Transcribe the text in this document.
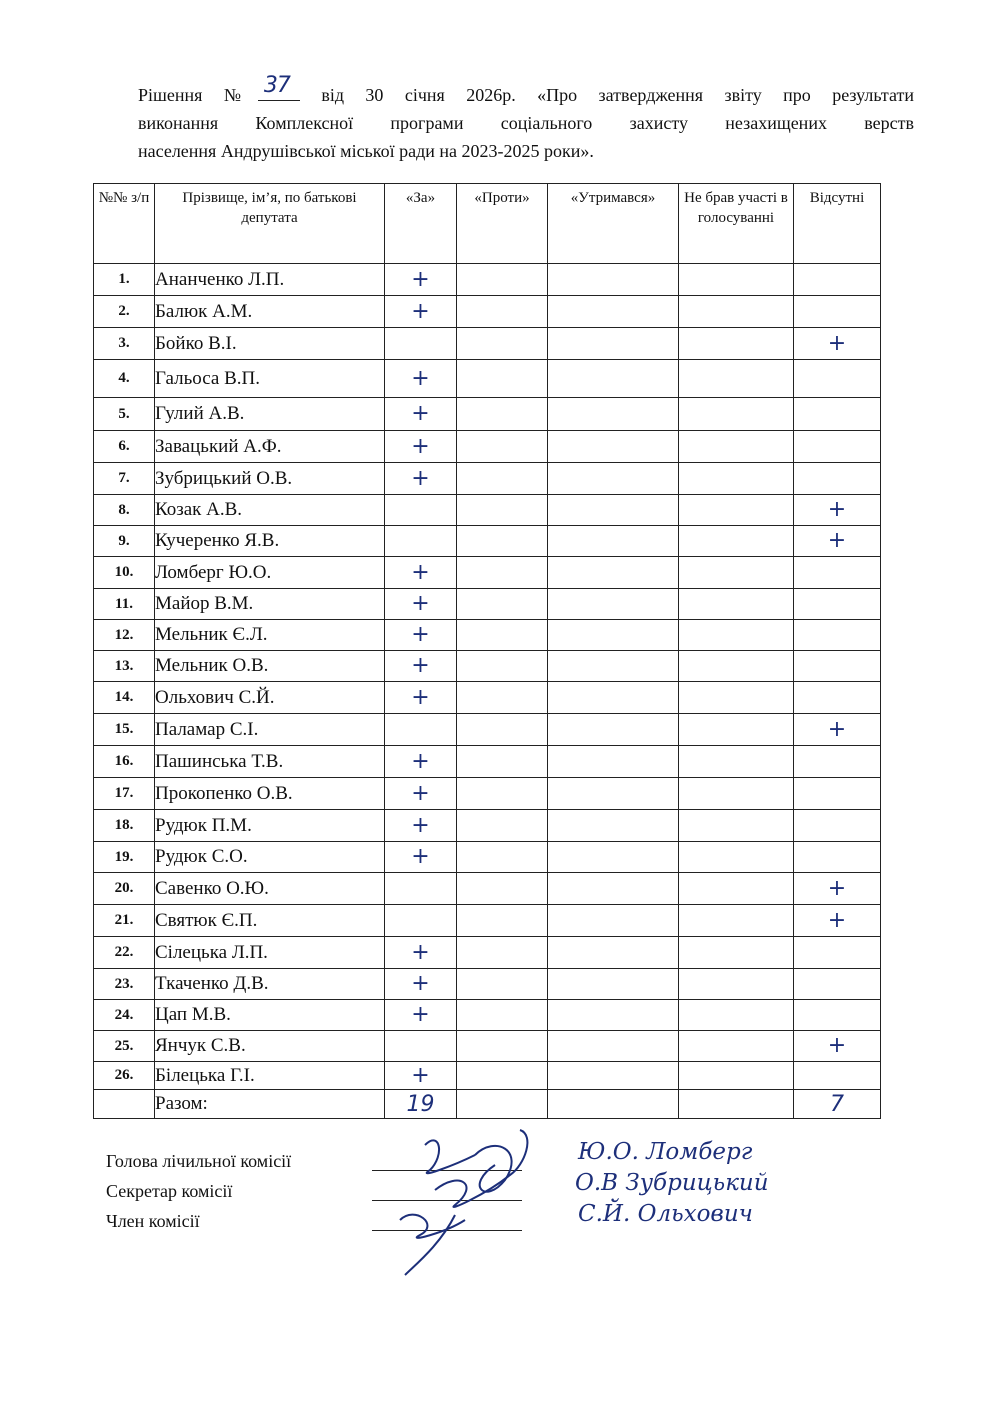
Рішення № 37 від 30 січня 2026р. «Про затвердження звіту про результати
виконання Комплексної програми соціального захисту незахищених верств
населення Андрушівської міської ради на 2023-2025 роки».
№№ з/п	Прізвище, ім’я, по батькові депутата	«За»	«Проти»	«Утримався»	Не брав участі в голосуванні	Відсутні
1.	Ананченко Л.П.	+				
2.	Балюк А.М.	+				
3.	Бойко В.І.					+
4.	Гальоса В.П.	+				
5.	Гулий А.В.	+				
6.	Завацький А.Ф.	+				
7.	Зубрицький О.В.	+				
8.	Козак А.В.					+
9.	Кучеренко Я.В.					+
10.	Ломберг Ю.О.	+				
11.	Майор В.М.	+				
12.	Мельник Є.Л.	+				
13.	Мельник О.В.	+				
14.	Ольхович С.Й.	+				
15.	Паламар С.І.					+
16.	Пашинська Т.В.	+				
17.	Прокопенко О.В.	+				
18.	Рудюк П.М.	+				
19.	Рудюк С.О.	+				
20.	Савенко О.Ю.					+
21.	Святюк Є.П.					+
22.	Сілецька Л.П.	+				
23.	Ткаченко Д.В.	+				
24.	Цап М.В.	+				
25.	Янчук С.В.					+
26.	Білецька Г.І.	+				
	Разом:	19				7
Голова лічильної комісії
Секретар комісії
Член комісії
Ю.О. Ломберг
О.В Зубрицький
С.Й. Ольхович
